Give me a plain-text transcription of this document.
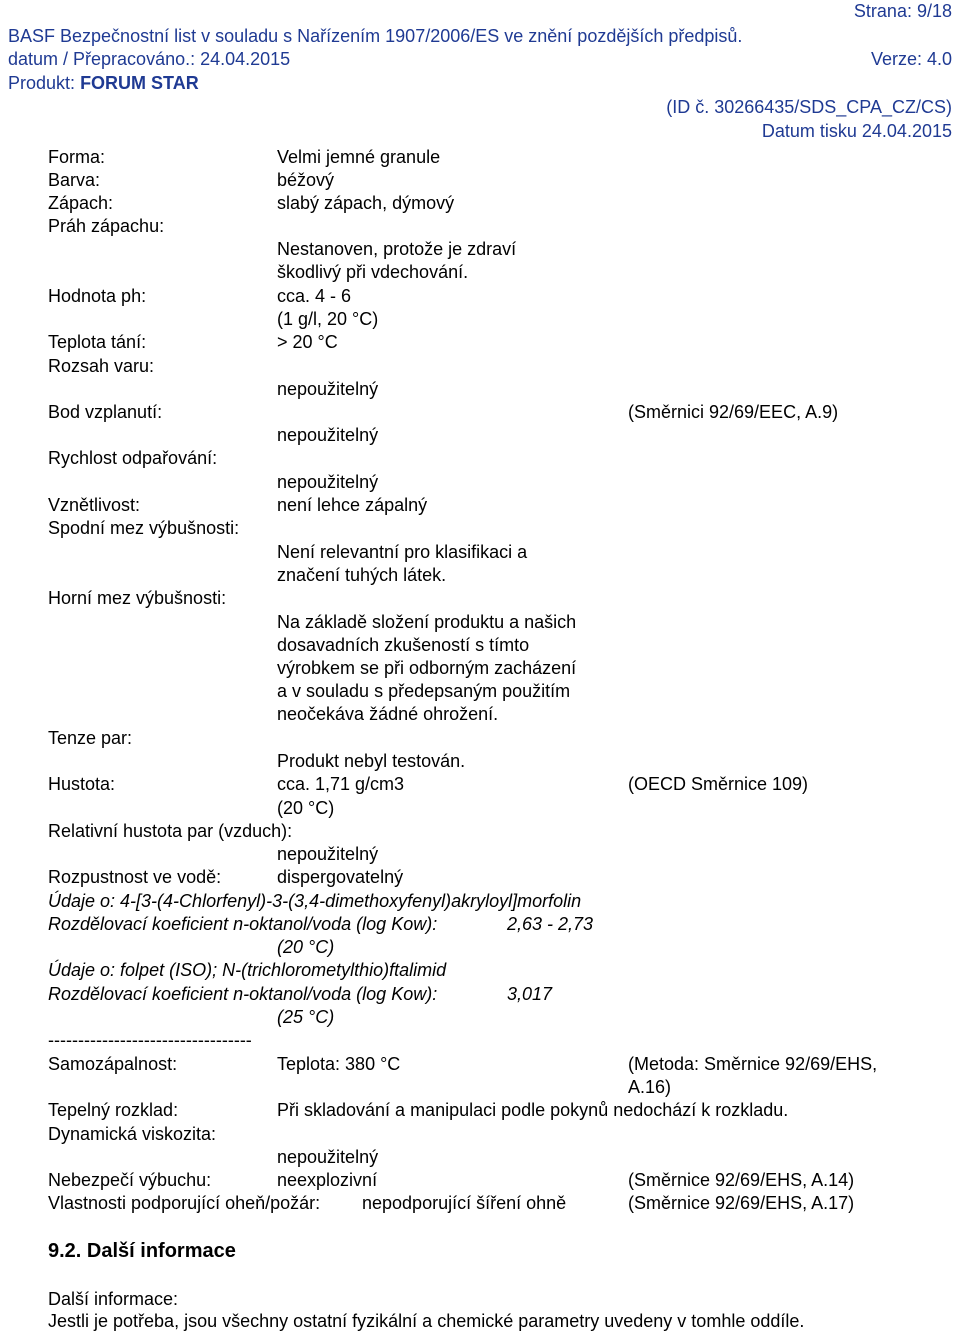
Strana: 9/18
BASF Bezpečnostní list v souladu s Nařízením 1907/2006/ES ve znění pozdějších předpisů.
datum / Přepracováno.: 24.04.2015	Verze: 4.0
Produkt: FORUM STAR
(ID č. 30266435/SDS_CPA_CZ/CS)
Datum tisku 24.04.2015
Forma:	Velmi jemné granule
Barva:	béžový
Zápach:	slabý zápach, dýmový
Práh zápachu:
Nestanoven, protože je zdraví
škodlivý při vdechování.
Hodnota ph:	cca. 4 - 6
(1 g/l, 20 °C)
Teplota tání:	> 20 °C
Rozsah varu:
nepoužitelný
Bod vzplanutí:	(Směrnici 92/69/EEC, A.9)
nepoužitelný
Rychlost odpařování:
nepoužitelný
Vznětlivost:	není lehce zápalný
Spodní mez výbušnosti:
Není relevantní pro klasifikaci a
značení tuhých látek.
Horní mez výbušnosti:
Na základě složení produktu a našich
dosavadních zkušeností s tímto
výrobkem se při odborným zacházení
a v souladu s předepsaným použitím
neočekáva žádné ohrožení.
Tenze par:
Produkt nebyl testován.
Hustota:	cca. 1,71 g/cm3	(OECD Směrnice 109)
(20 °C)
Relativní hustota par (vzduch):
nepoužitelný
Rozpustnost ve vodě:	dispergovatelný
Údaje o: 4-[3-(4-Chlorfenyl)-3-(3,4-dimethoxyfenyl)akryloyl]morfolin
Rozdělovací koeficient n-oktanol/voda (log Kow):	2,63 - 2,73
(20 °C)
Údaje o: folpet (ISO); N-(trichlorometylthio)ftalimid
Rozdělovací koeficient n-oktanol/voda (log Kow):	3,017
(25 °C)
----------------------------------
Samozápalnost:	Teplota: 380 °C	(Metoda: Směrnice 92/69/EHS,
A.16)
Tepelný rozklad:	Při skladování a manipulaci podle pokynů nedochází k rozkladu.
Dynamická viskozita:
nepoužitelný
Nebezpečí výbuchu:	neexplozivní	(Směrnice 92/69/EHS, A.14)
Vlastnosti podporující oheň/požár: nepodporující šíření ohně	(Směrnice 92/69/EHS, A.17)
9.2. Další informace
Další informace:
Jestli je potřeba, jsou všechny ostatní fyzikální a chemické parametry uvedeny v tomhle oddíle.
